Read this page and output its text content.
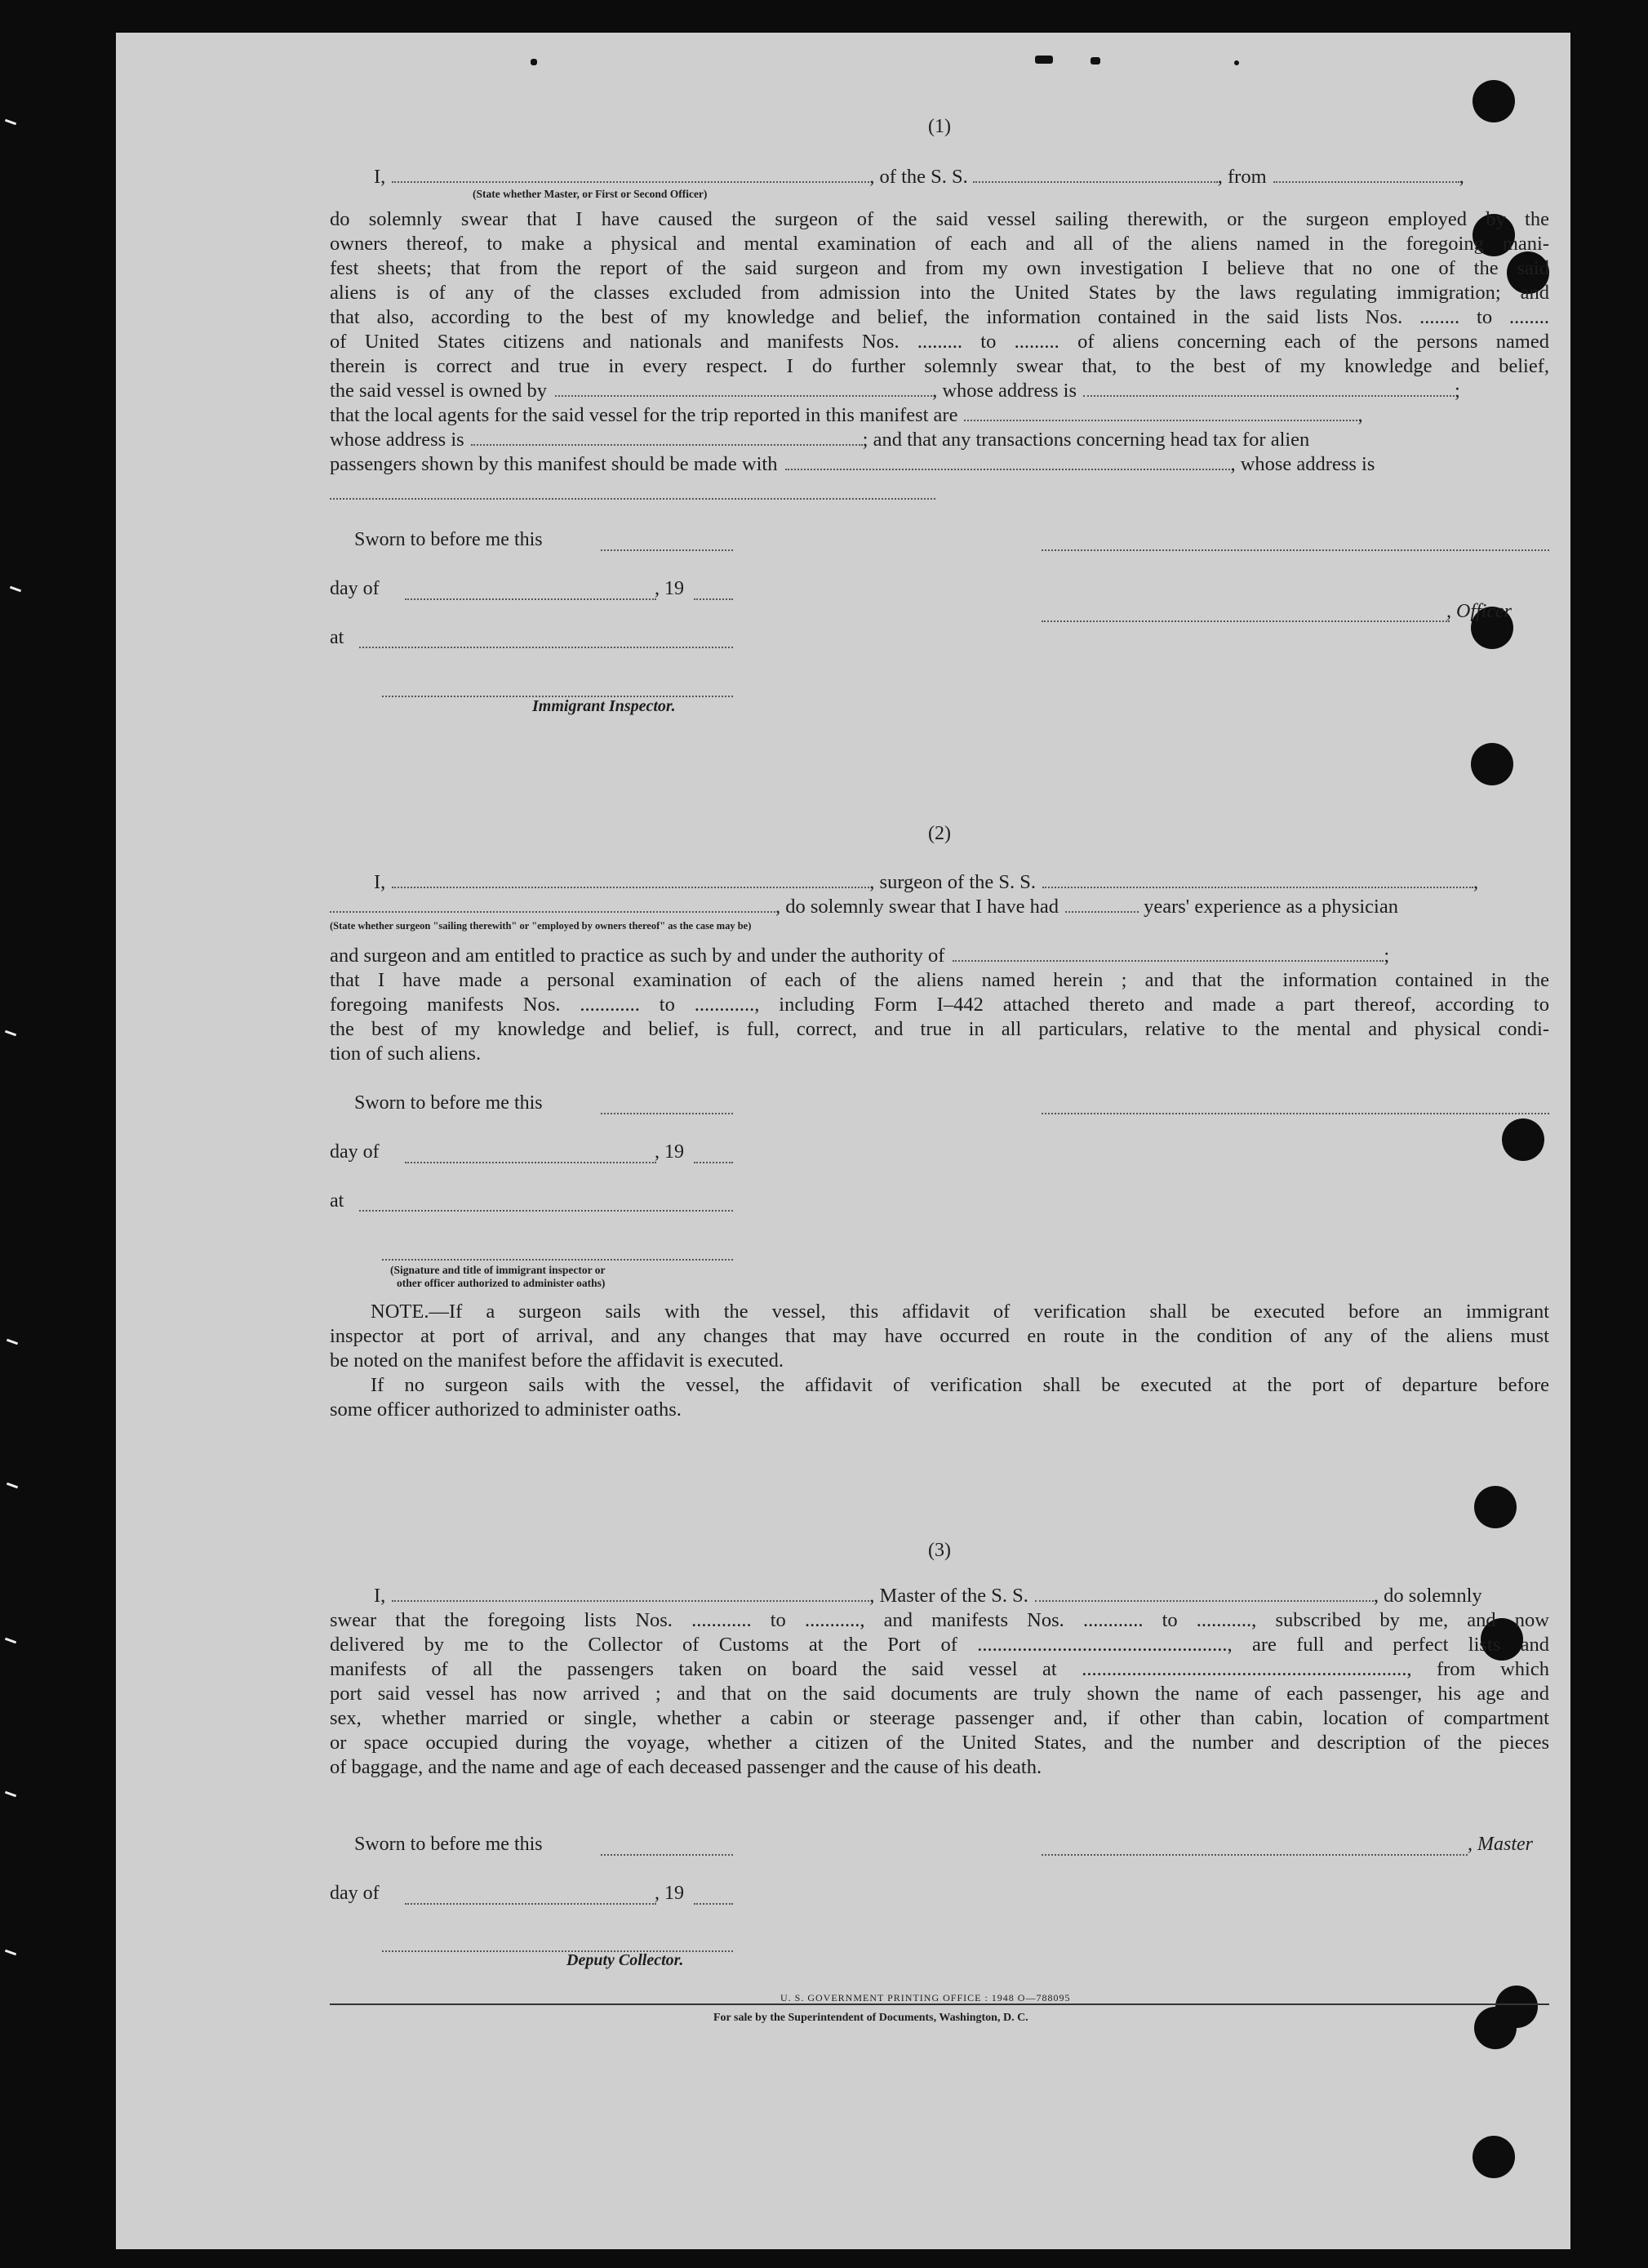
(1)
I,	, of the S. S.	, from	,
(State whether Master, or First or Second Officer)
do solemnly swear that I have caused the surgeon of the said vessel sailing therewith, or the surgeon employed by the
owners thereof, to make a physical and mental examination of each and all of the aliens named in the foregoing mani-
fest sheets; that from the report of the said surgeon and from my own investigation I believe that no one of the said
aliens is of any of the classes excluded from admission into the United States by the laws regulating immigration; and
that also, according to the best of my knowledge and belief, the information contained in the said lists Nos. ........ to ........
of United States citizens and nationals and manifests Nos. ......... to ......... of aliens concerning each of the persons named
therein is correct and true in every respect. I do further solemnly swear that, to the best of my knowledge and belief,
the said vessel is owned by	, whose address is	;
that the local agents for the said vessel for the trip reported in this manifest are	,
whose address is	; and that any transactions concerning head tax for alien
passengers shown by this manifest should be made with	, whose address is
Sworn to before me this
day of	, 19
, Officer
at
Immigrant Inspector.
(2)
I,	, surgeon of the S. S.	,
, do solemnly swear that I have had	years' experience as a physician
(State whether surgeon "sailing therewith" or "employed by owners thereof" as the case may be)
and surgeon and am entitled to practice as such by and under the authority of	;
that I have made a personal examination of each of the aliens named herein ; and that the information contained in the
foregoing manifests Nos. ............ to ............, including Form I–442 attached thereto and made a part thereof, according to
the best of my knowledge and belief, is full, correct, and true in all particulars, relative to the mental and physical condi-
tion of such aliens.
Sworn to before me this
day of	, 19
at
(Signature and title of immigrant inspector or
other officer authorized to administer oaths)
NOTE.—If a surgeon sails with the vessel, this affidavit of verification shall be executed before an immigrant
inspector at port of arrival, and any changes that may have occurred en route in the condition of any of the aliens must
be noted on the manifest before the affidavit is executed.
If no surgeon sails with the vessel, the affidavit of verification shall be executed at the port of departure before
some officer authorized to administer oaths.
(3)
I,	, Master of the S. S.	, do solemnly
swear that the foregoing lists Nos. ............ to ..........., and manifests Nos. ............ to ..........., subscribed by me, and now
delivered by me to the Collector of Customs at the Port of .................................................., are full and perfect lists and
manifests of all the passengers taken on board the said vessel at ................................................................., from which
port said vessel has now arrived ; and that on the said documents are truly shown the name of each passenger, his age and
sex, whether married or single, whether a cabin or steerage passenger and, if other than cabin, location of compartment
or space occupied during the voyage, whether a citizen of the United States, and the number and description of the pieces
of baggage, and the name and age of each deceased passenger and the cause of his death.
Sworn to before me this	, Master
day of	, 19
Deputy Collector.
U. S. GOVERNMENT PRINTING OFFICE : 1948 O—788095
For sale by the Superintendent of Documents, Washington, D. C.
